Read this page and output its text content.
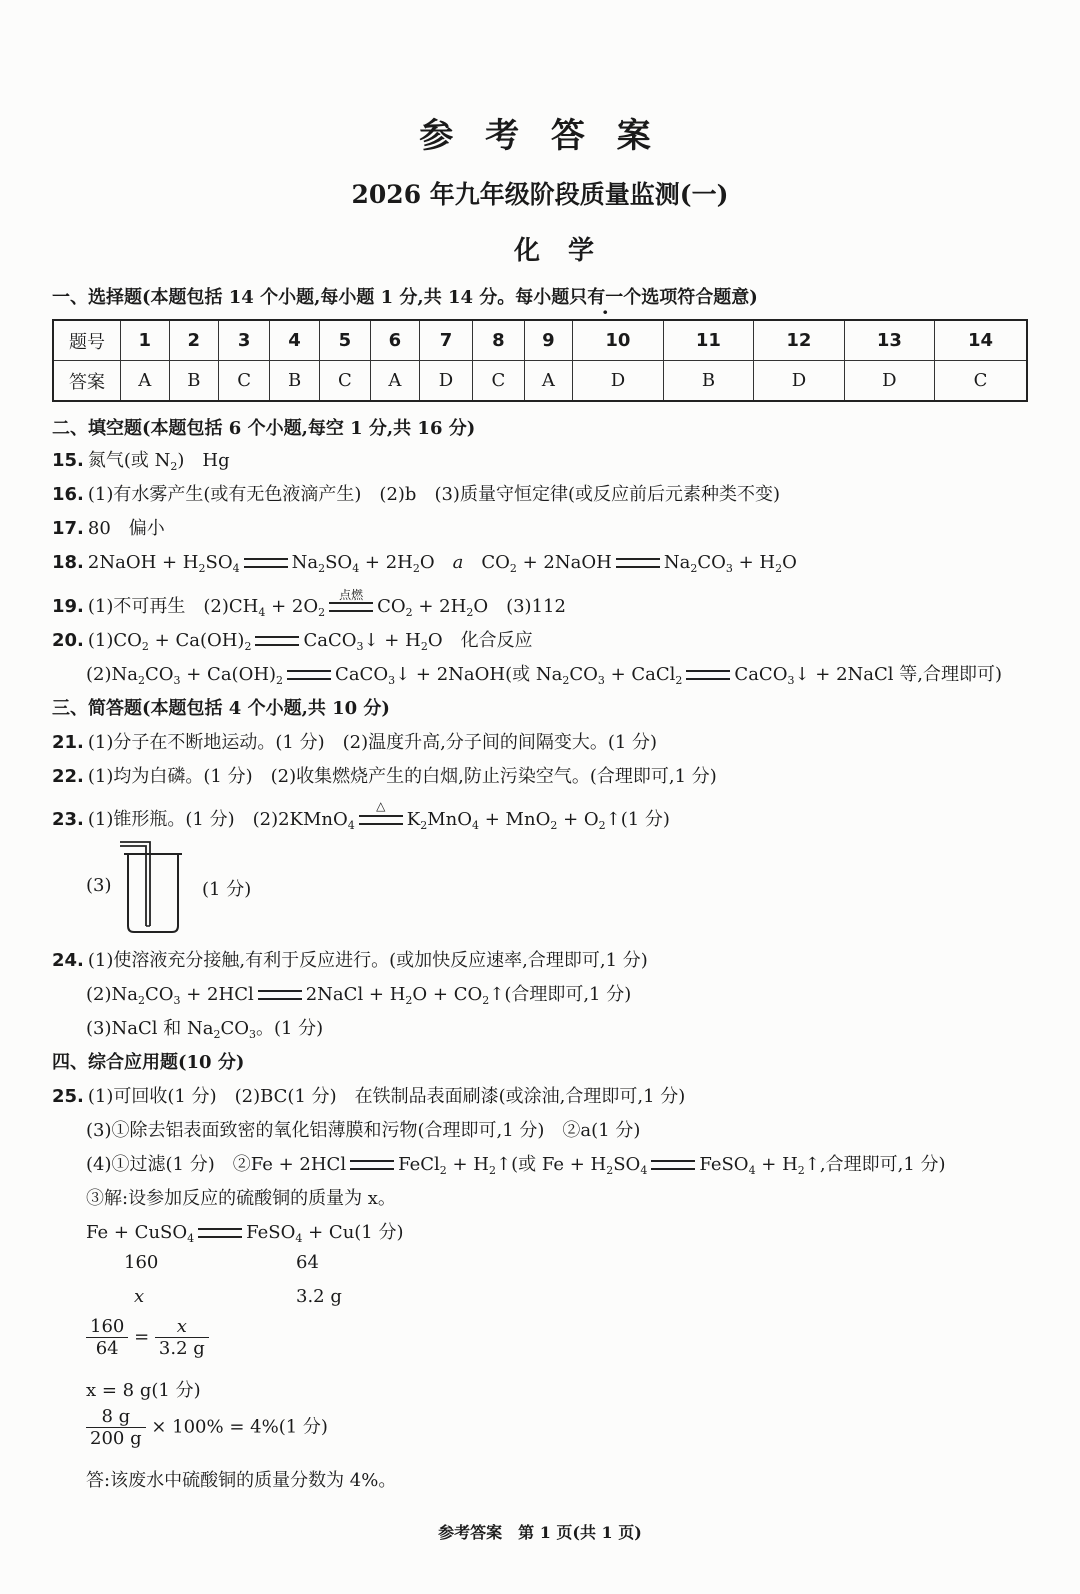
参 考 答 案
2026 年九年级阶段质量监测(一)
化学
一、选择题(本题包括 14 个小题,每小题 1 分,共 14 分。每小题只有一个选项符合题意)
题号	1	2	3	4	5	6	7	8	9	10	11	12	13	14
答案	A	B	C	B	C	A	D	C	A	D	B	D	D	C
二、填空题(本题包括 6 个小题,每空 1 分,共 16 分)
15. 氮气(或 $N_2$)　Hg
16. (1)有水雾产生(或有无色液滴产生)　(2)b　(3)质量守恒定律(或反应前后元素种类不变)
17. 80　偏小
18. 2NaOH + $H_2SO_4$	$Na_2SO_4 + 2H_2O$　a　$CO_2$ + 2NaOH	$Na_2CO_3 + H_2O$
19. (1)不可再生　$(2)CH_4 + 2O_2$
点燃
$CO_2 + 2H_2O$　(3)112
20. $(1)CO_2 + Ca(OH)_2$	CaCO$_3$↓ + $H_2O$　化合反应
$(2)Na_2CO_3 + Ca(OH)_2$	CaCO$_3$↓ + 2NaOH(或 $Na_2CO_3$ + CaCl$_2$	CaCO$_3$↓ + 2NaCl 等,合理即可)
三、简答题(本题包括 4 个小题,共 10 分)
21. (1)分子在不断地运动。(1 分)　(2)温度升高,分子间的间隔变大。(1 分)
22. (1)均为白磷。(1 分)　(2)收集燃烧产生的白烟,防止污染空气。(合理即可,1 分)
23. (1)锥形瓶。(1 分)　(2)2KMnO$_4$
△
$K_2MnO_4 + MnO_2$ + $O_2↑(1$ 分)
(3)	(1 分)
24. (1)使溶液充分接触,有利于反应进行。(或加快反应速率,合理即可,1 分)
$(2)Na_2CO_3 + 2HCl$	2NaCl + $H_2O$ + $CO_2↑$(合理即可,1 分)
(3)NaCl 和 $Na_2CO_3$。(1 分)
四、综合应用题(10 分)
25. (1)可回收(1 分)　(2)BC(1 分)　在铁制品表面刷漆(或涂油,合理即可,1 分)
(3)①除去铝表面致密的氧化铝薄膜和污物(合理即可,1 分)　②a(1 分)
(4)①过滤(1 分)　②Fe + 2HCl	FeCl$_2$ + $H_2↑$(或 $Fe + H_2SO_4$	FeSO$_4$ + $H_2↑$,合理即可,1 分)
③解:设参加反应的硫酸铜的质量为 x。
Fe + CuSO$_4$	FeSO$_4$ + Cu(1 分)
160	64
x	3.2 g
$\frac{160}{64} = \frac{x}{3.2 g}$
x = 8 g(1 分)
$\frac{8 g}{200 g} \times 100\% = 4\%(1$ 分)
答:该废水中硫酸铜的质量分数为 4%。
参考答案　第 1 页(共 1 页)
